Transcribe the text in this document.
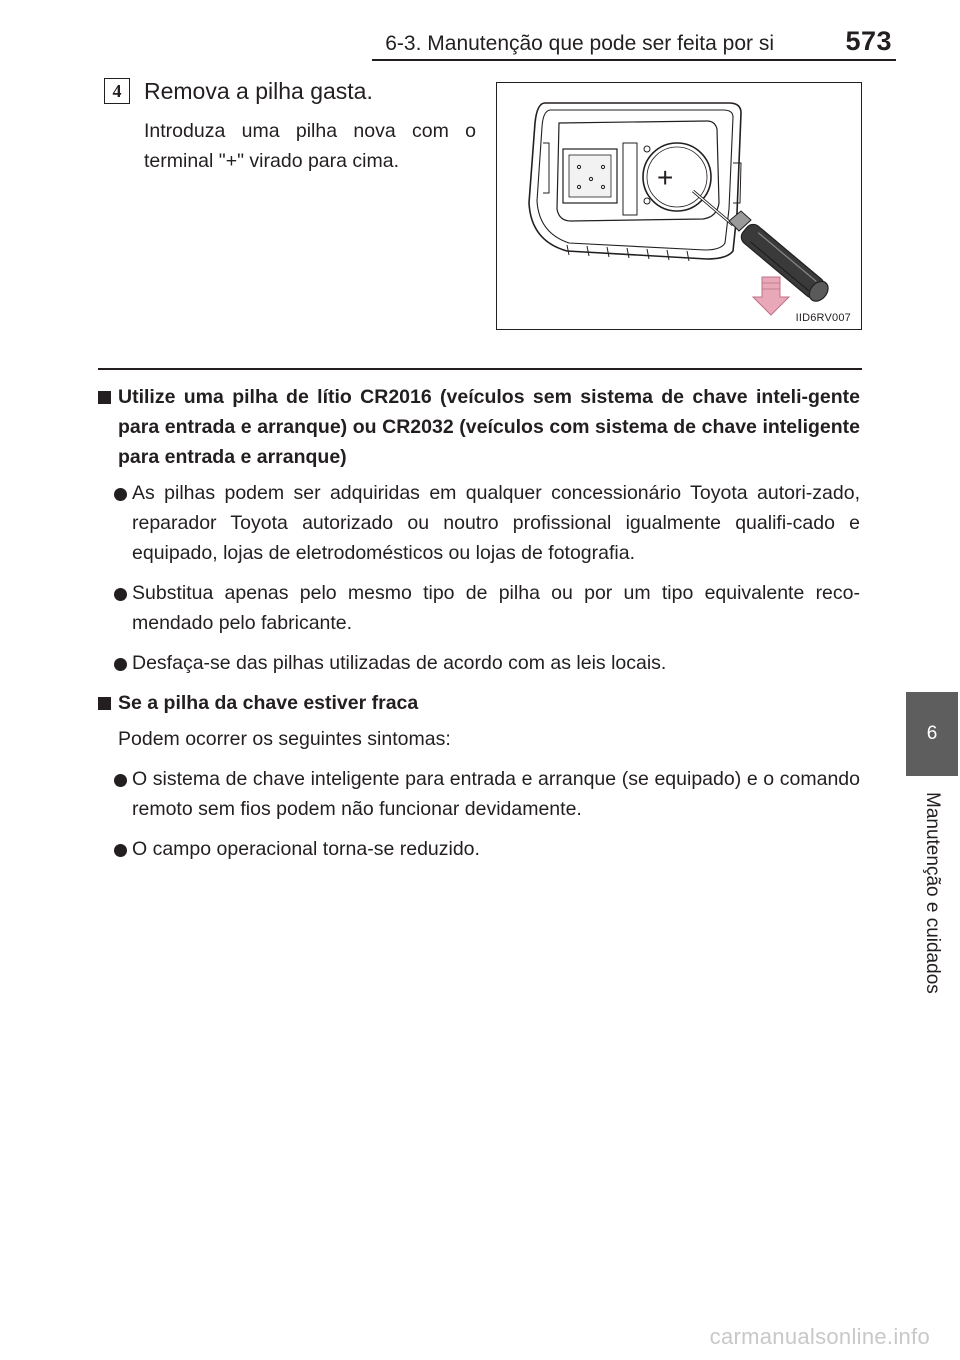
6-3. Manutenção que pode ser feita por si	573
4 Remova a pilha gasta.
Introduza uma pilha nova com o terminal "+" virado para cima.
+
IID6RV007
Utilize uma pilha de lítio CR2016 (veículos sem sistema de chave inteli-gente para entrada e arranque) ou CR2032 (veículos com sistema de chave inteligente para entrada e arranque)
As pilhas podem ser adquiridas em qualquer concessionário Toyota autori-zado, reparador Toyota autorizado ou noutro profissional igualmente qualifi-cado e equipado, lojas de eletrodomésticos ou lojas de fotografia.
Substitua apenas pelo mesmo tipo de pilha ou por um tipo equivalente reco-mendado pelo fabricante.
Desfaça-se das pilhas utilizadas de acordo com as leis locais.
Se a pilha da chave estiver fraca
Podem ocorrer os seguintes sintomas:
O sistema de chave inteligente para entrada e arranque (se equipado) e o comando remoto sem fios podem não funcionar devidamente.
O campo operacional torna-se reduzido.
6
Manutenção e cuidados
carmanualsonline.info
